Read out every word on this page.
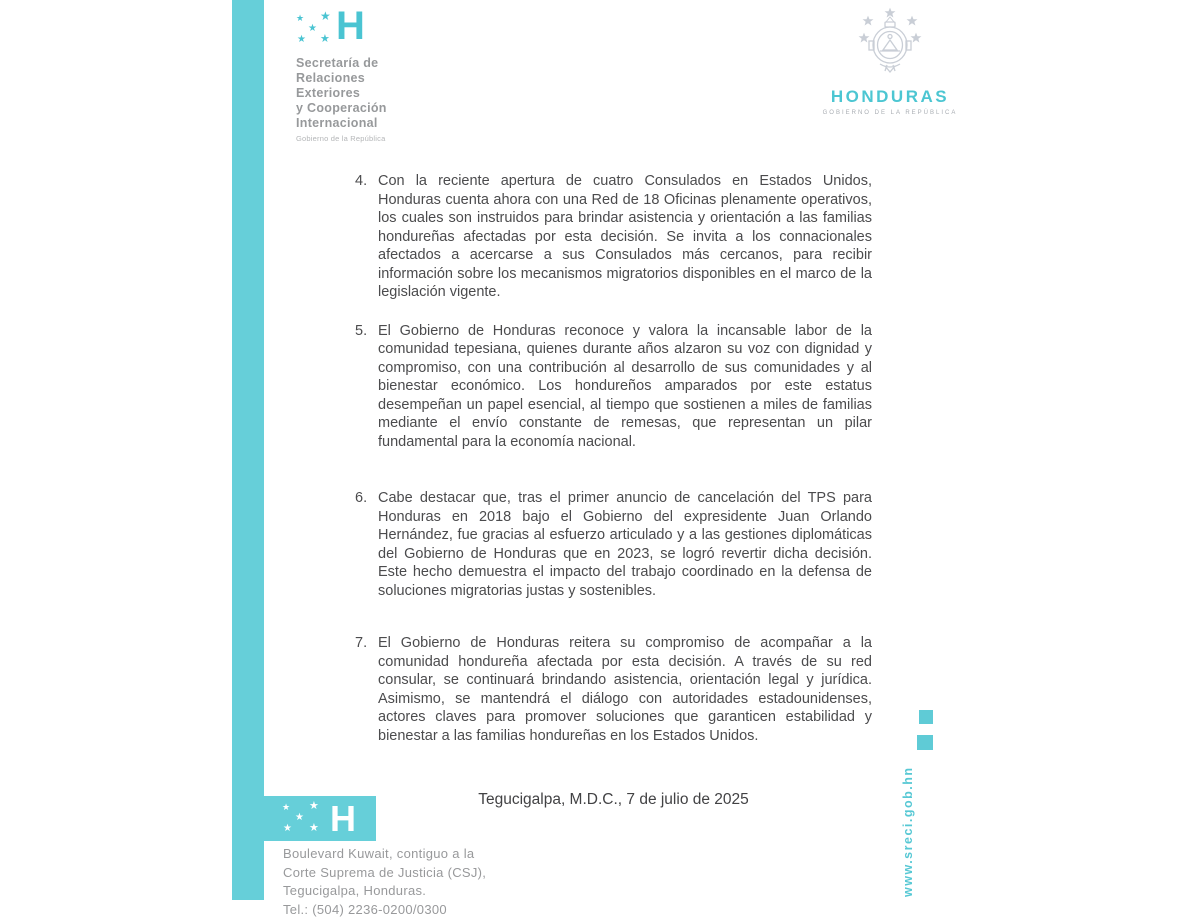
★ ★
★
★ ★ H
Secretaría de
Relaciones
Exteriores
y Cooperación
Internacional
Gobierno de la República
HONDURAS
GOBIERNO DE LA REPÚBLICA
4. Con la reciente apertura de cuatro Consulados en Estados Unidos, Honduras cuenta ahora con una Red de 18 Oficinas plenamente operativos, los cuales son instruidos para brindar asistencia y orientación a las familias hondureñas afectadas por esta decisión. Se invita a los connacionales afectados a acercarse a sus Consulados más cercanos, para recibir información sobre los mecanismos migratorios disponibles en el marco de la legislación vigente.
5. El Gobierno de Honduras reconoce y valora la incansable labor de la comunidad tepesiana, quienes durante años alzaron su voz con dignidad y compromiso, con una contribución al desarrollo de sus comunidades y al bienestar económico. Los hondureños amparados por este estatus desempeñan un papel esencial, al tiempo que sostienen a miles de familias mediante el envío constante de remesas, que representan un pilar fundamental para la economía nacional.
6. Cabe destacar que, tras el primer anuncio de cancelación del TPS para Honduras en 2018 bajo el Gobierno del expresidente Juan Orlando Hernández, fue gracias al esfuerzo articulado y a las gestiones diplomáticas del Gobierno de Honduras que en 2023, se logró revertir dicha decisión. Este hecho demuestra el impacto del trabajo coordinado en la defensa de soluciones migratorias justas y sostenibles.
7. El Gobierno de Honduras reitera su compromiso de acompañar a la comunidad hondureña afectada por esta decisión. A través de su red consular, se continuará brindando asistencia, orientación legal y jurídica. Asimismo, se mantendrá el diálogo con autoridades estadounidenses, actores claves para promover soluciones que garanticen estabilidad y bienestar a las familias hondureñas en los Estados Unidos.
Tegucigalpa, M.D.C., 7 de julio de 2025
★ ★
★
★ ★ H
Boulevard Kuwait, contiguo a la
Corte Suprema de Justicia (CSJ),
Tegucigalpa, Honduras.
Tel.: (504) 2236-0200/0300
www.sreci.gob.hn
